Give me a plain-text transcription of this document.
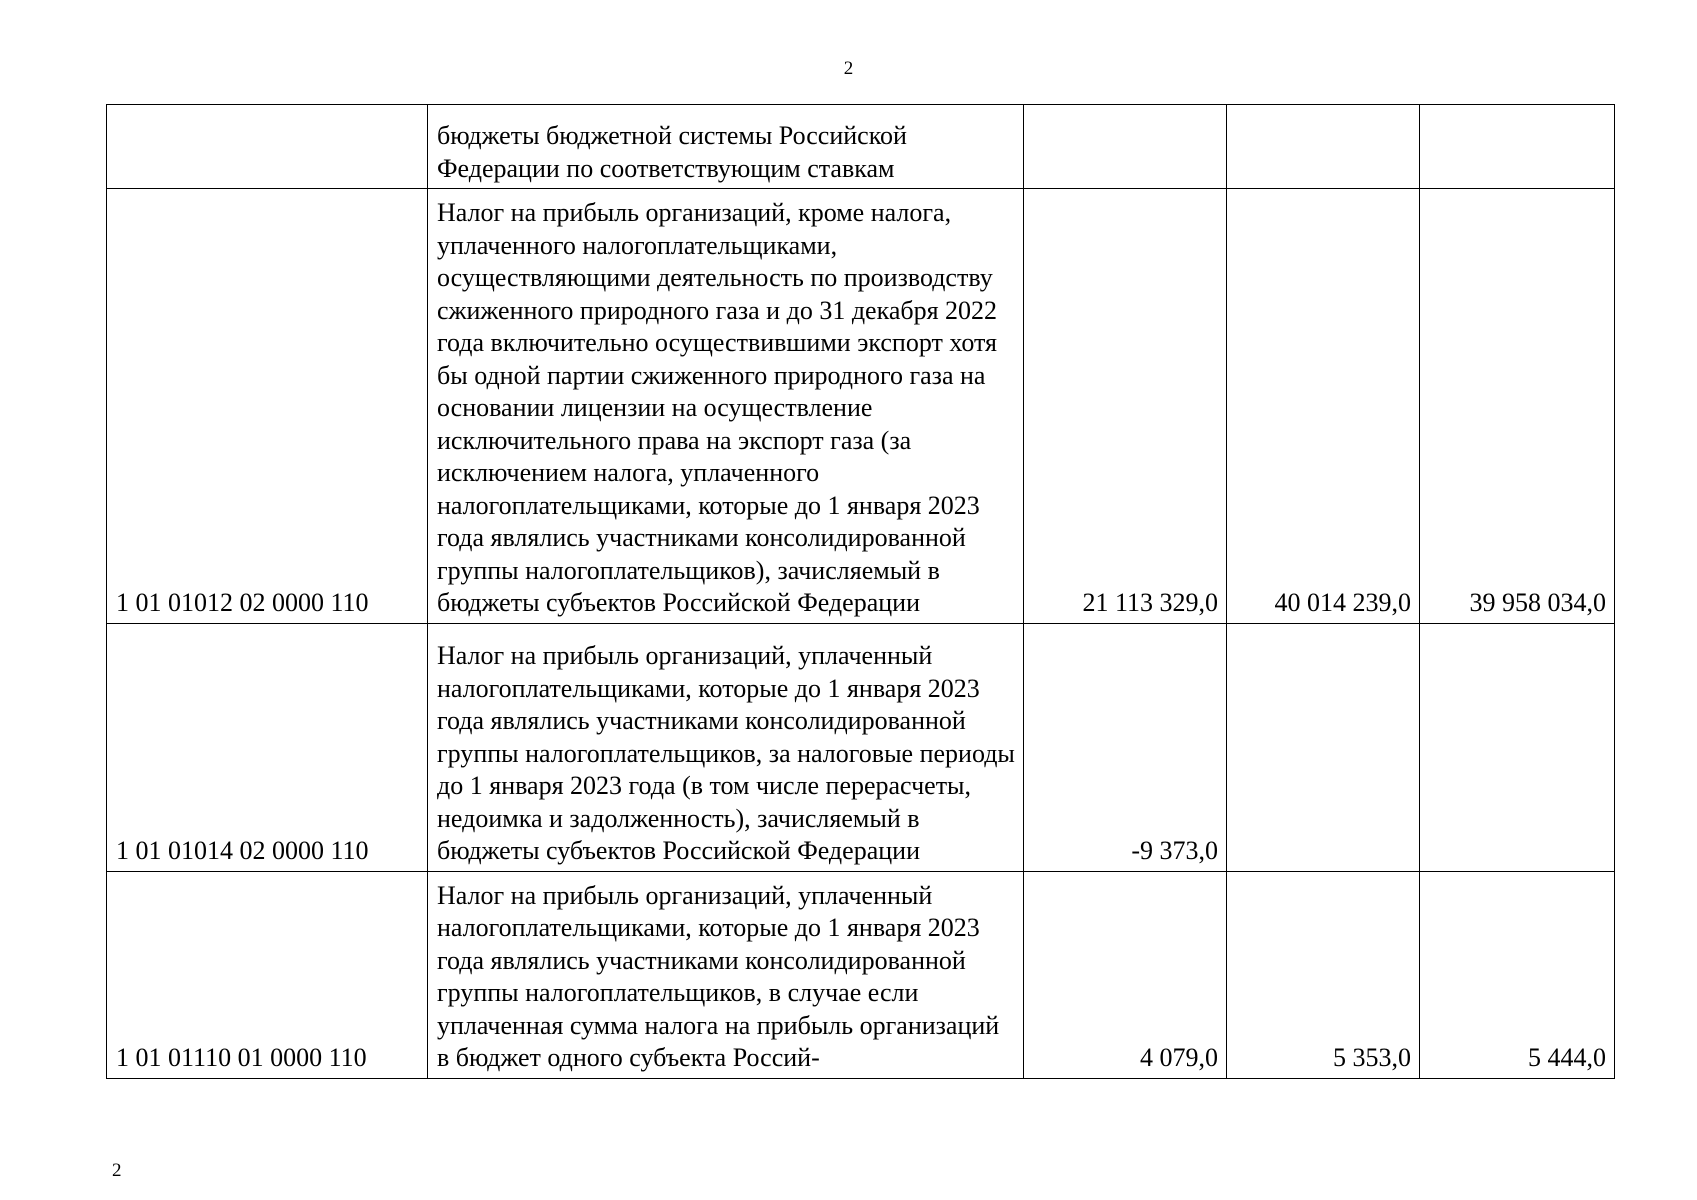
2
	бюджеты бюджетной системы Российской Федерации по соответствующим ставкам			
1 01 01012 02 0000 110	Налог на прибыль организаций, кроме налога, уплаченного налогоплательщиками, осуществляющими деятельность по производству сжиженного природного газа и до 31 декабря 2022 года включительно осуществившими экспорт хотя бы одной партии сжиженного природного газа на основании лицензии на осуществление исключительного права на экспорт газа (за исключением налога, уплаченного налогоплательщиками, которые до 1 января 2023 года являлись участниками консолидированной группы налогоплательщиков), зачисляемый в бюджеты субъектов Российской Федерации	21 113 329,0	40 014 239,0	39 958 034,0
1 01 01014 02 0000 110	Налог на прибыль организаций, уплаченный налогоплательщиками, которые до 1 января 2023 года являлись участниками консолидированной группы налогоплательщиков, за налоговые периоды до 1 января 2023 года (в том числе перерасчеты, недоимка и задолженность), зачисляемый в бюджеты субъектов Российской Федерации	-9 373,0		
1 01 01110 01 0000 110	Налог на прибыль организаций, уплаченный налогоплательщиками, которые до 1 января 2023 года являлись участниками консолидированной группы налогоплательщиков, в случае если уплаченная сумма налога на прибыль организаций в бюджет одного субъекта Россий-	4 079,0	5 353,0	5 444,0
2
